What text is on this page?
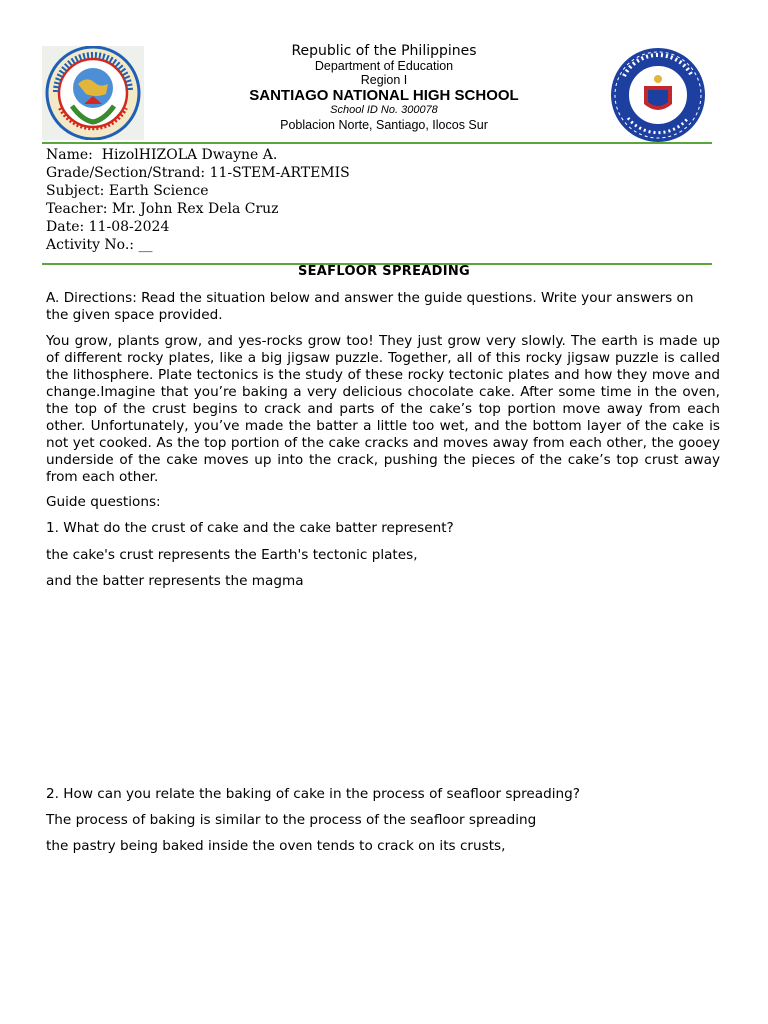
Republic of the Philippines
Department of Education
Region I
SANTIAGO NATIONAL HIGH SCHOOL
School ID No. 300078
Poblacion Norte, Santiago, Ilocos Sur
Name: HizolHIZOLA Dwayne A.
Grade/Section/Strand: 11-STEM-ARTEMIS
Subject: Earth Science
Teacher: Mr. John Rex Dela Cruz
Date: 11-08-2024
Activity No.: __
SEAFLOOR SPREADING
A. Directions: Read the situation below and answer the guide questions. Write your answers on the given space provided.
You grow, plants grow, and yes-rocks grow too! They just grow very slowly. The earth is made up of different rocky plates, like a big jigsaw puzzle. Together, all of this rocky jigsaw puzzle is called the lithosphere. Plate tectonics is the study of these rocky tectonic plates and how they move and change.Imagine that you’re baking a very delicious chocolate cake. After some time in the oven, the top of the crust begins to crack and parts of the cake’s top portion move away from each other. Unfortunately, you’ve made the batter a little too wet, and the bottom layer of the cake is not yet cooked. As the top portion of the cake cracks and moves away from each other, the gooey underside of the cake moves up into the crack, pushing the pieces of the cake’s top crust away from each other.
Guide questions:
1. What do the crust of cake and the cake batter represent?
the cake's crust represents the Earth's tectonic plates,
and the batter represents the magma
2. How can you relate the baking of cake in the process of seafloor spreading?
The process of baking is similar to the process of the seafloor spreading
the pastry being baked inside the oven tends to crack on its crusts,
